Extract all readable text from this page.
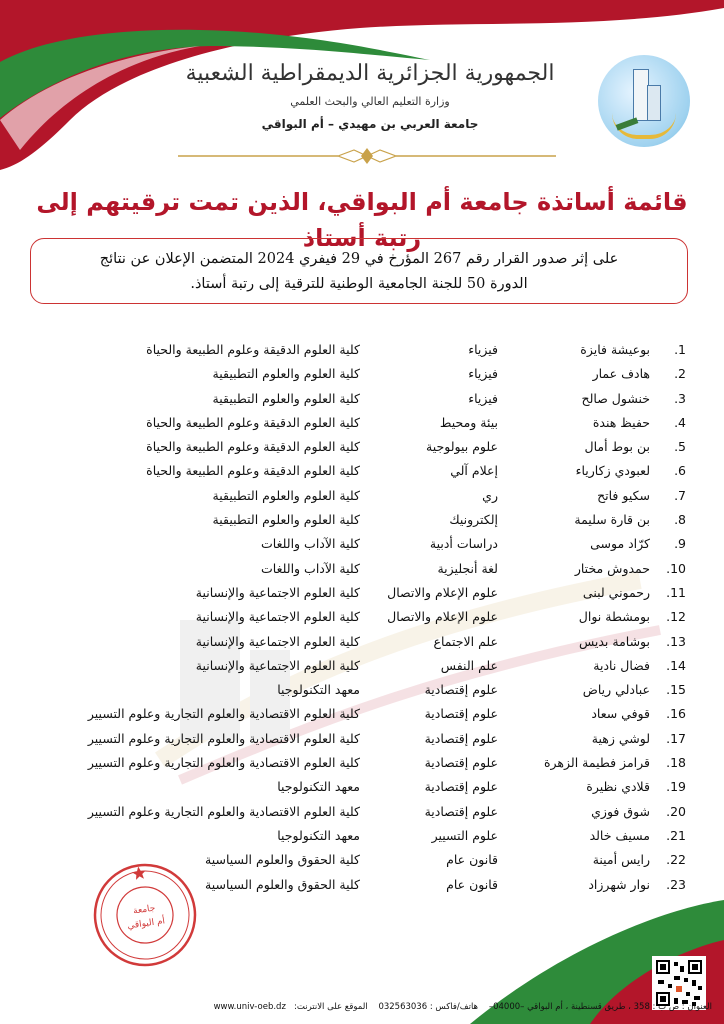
الجمهورية الجزائرية الديمقراطية الشعبية

وزارة التعليم العالي والبحث العلمي

جامعة العربي بن مهيدي – أم البواقي

قائمة أساتذة جامعة أم البواقي، الذين تمت ترقيتهم إلى رتبة أستاذ
على إثر صدور القرار رقم 267 المؤرخ في 29 فيفري 2024 المتضمن الإعلان عن نتائج
الدورة 50 للجنة الجامعية الوطنية للترقية إلى رتبة أستاذ.
1.
بوعيشة فايزة
فيزياء
كلية العلوم الدقيقة وعلوم الطبيعة والحياة
2.
هادف عمار
فيزياء
كلية العلوم والعلوم التطبيقية
3.
خنشول صالح
فيزياء
كلية العلوم والعلوم التطبيقية
4.
حفيظ هندة
بيئة ومحيط
كلية العلوم الدقيقة وعلوم الطبيعة والحياة
5.
بن بوط أمال
علوم بيولوجية
كلية العلوم الدقيقة وعلوم الطبيعة والحياة
6.
لعبودي زكارياء
إعلام آلي
كلية العلوم الدقيقة وعلوم الطبيعة والحياة
7.
سكيو فاتح
ري
كلية العلوم والعلوم التطبيقية
8.
بن قارة سليمة
إلكترونيك
كلية العلوم والعلوم التطبيقية
9.
كرّاد موسى
دراسات أدبية
كلية الآداب واللغات
10.
حمدوش مختار
لغة أنجليزية
كلية الآداب واللغات
11.
رحموني لبنى
علوم الإعلام والاتصال
كلية العلوم الاجتماعية والإنسانية
12.
بومشطة نوال
علوم الإعلام والاتصال
كلية العلوم الاجتماعية والإنسانية
13.
بوشامة بديس
علم الاجتماع
كلية العلوم الاجتماعية والإنسانية
14.
فضال نادية
علم النفس
كلية العلوم الاجتماعية والإنسانية
15.
عبادلي رياض
علوم إقتصادية
معهد التكنولوجيا
16.
قوفي سعاد
علوم إقتصادية
كلية العلوم الاقتصادية والعلوم التجارية وعلوم التسيير
17.
لوشي زهية
علوم إقتصادية
كلية العلوم الاقتصادية والعلوم التجارية وعلوم التسيير
18.
قرامز فطيمة الزهرة
علوم إقتصادية
كلية العلوم الاقتصادية والعلوم التجارية وعلوم التسيير
19.
قلادي نظيرة
علوم إقتصادية
معهد التكنولوجيا
20.
شوق فوزي
علوم إقتصادية
كلية العلوم الاقتصادية والعلوم التجارية وعلوم التسيير
21.
مسيف خالد
علوم التسيير
معهد التكنولوجيا
22.
رايس أمينة
قانون عام
كلية الحقوق والعلوم السياسية
23.
نوار شهرزاد
قانون عام
كلية الحقوق والعلوم السياسية
جامعة
أم البواقي
العنوان : ص ب : 358 ، طريق قسنطينة ، أم البواقي –04000–    هاتف/فاكس : 032563036    الموقع على الانترنت:   www.univ-oeb.dz
